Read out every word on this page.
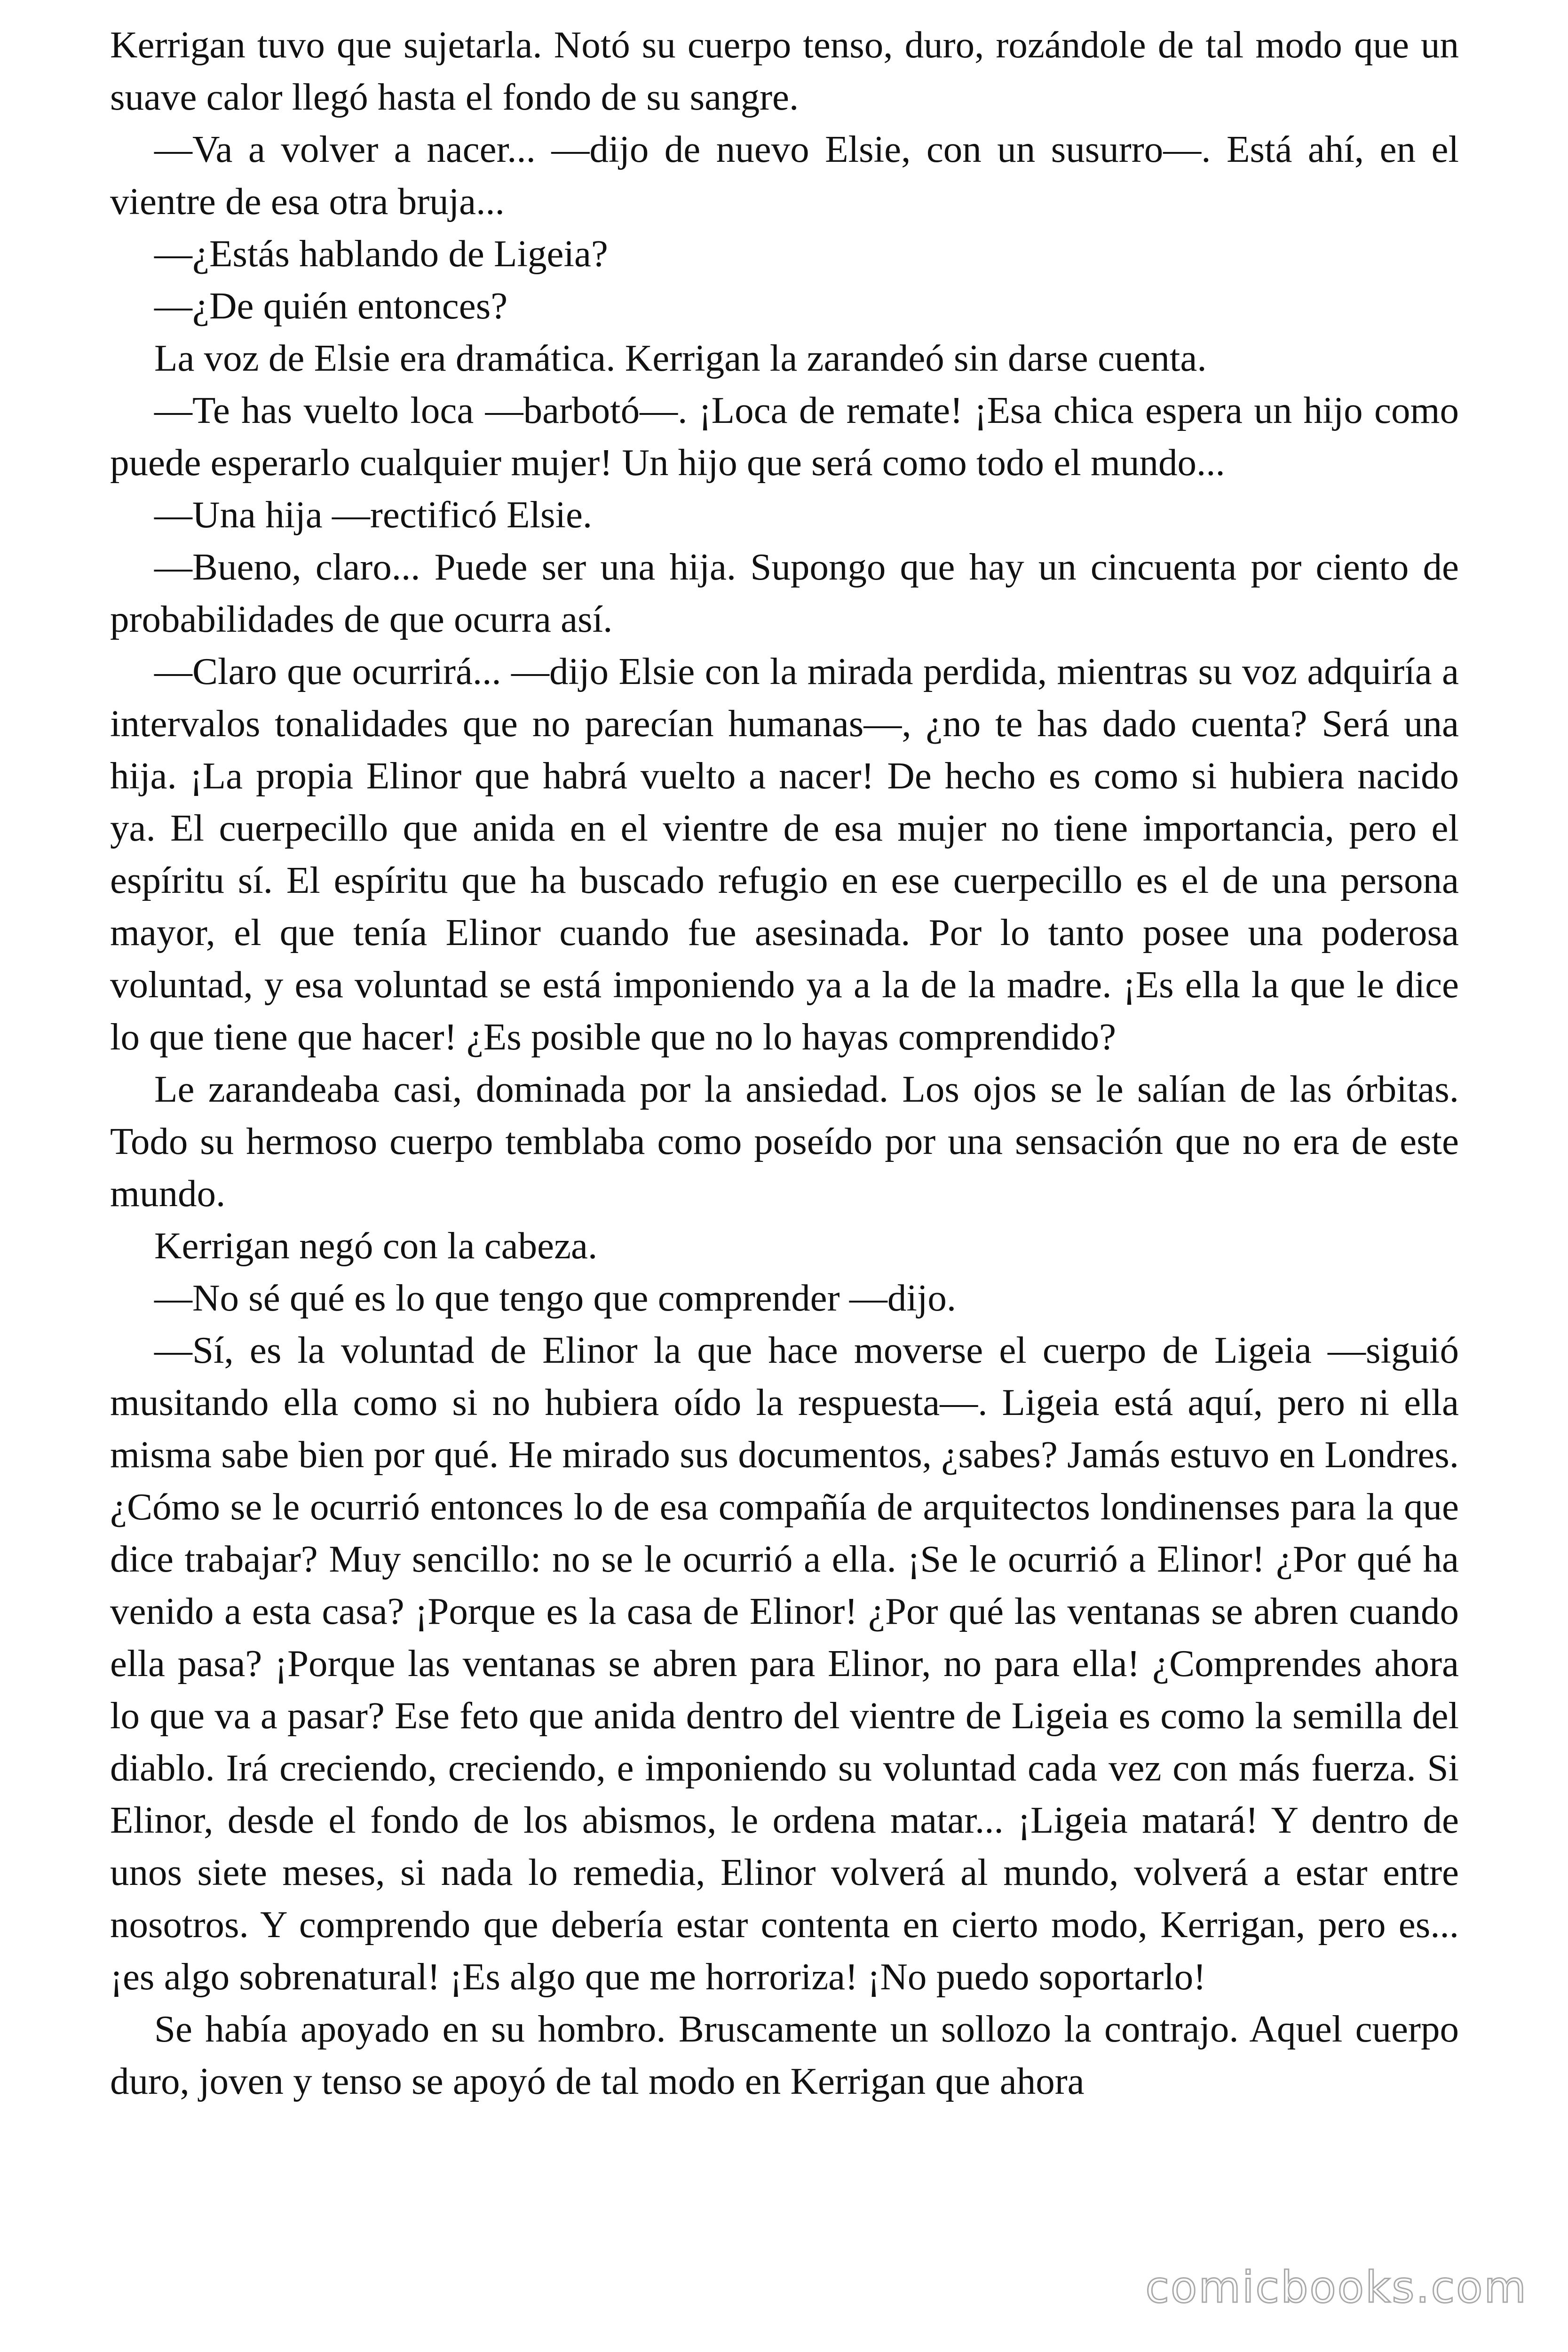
Kerrigan tuvo que sujetarla. Notó su cuerpo tenso, duro, rozándole de tal modo que un suave calor llegó hasta el fondo de su sangre.

—Va a volver a nacer... —dijo de nuevo Elsie, con un susurro—. Está ahí, en el vientre de esa otra bruja...

—¿Estás hablando de Ligeia?

—¿De quién entonces?

La voz de Elsie era dramática. Kerrigan la zarandeó sin darse cuenta.

—Te has vuelto loca —barbotó—. ¡Loca de remate! ¡Esa chica espera un hijo como puede esperarlo cualquier mujer! Un hijo que será como todo el mundo...

—Una hija —rectificó Elsie.

—Bueno, claro... Puede ser una hija. Supongo que hay un cincuenta por ciento de probabilidades de que ocurra así.

—Claro que ocurrirá... —dijo Elsie con la mirada perdida, mientras su voz adquiría a intervalos tonalidades que no parecían humanas—, ¿no te has dado cuenta? Será una hija. ¡La propia Elinor que habrá vuelto a nacer! De hecho es como si hubiera nacido ya. El cuerpecillo que anida en el vientre de esa mujer no tiene importancia, pero el espíritu sí. El espíritu que ha buscado refugio en ese cuerpecillo es el de una persona mayor, el que tenía Elinor cuando fue asesinada. Por lo tanto posee una poderosa voluntad, y esa voluntad se está imponiendo ya a la de la madre. ¡Es ella la que le dice lo que tiene que hacer! ¿Es posible que no lo hayas comprendido?

Le zarandeaba casi, dominada por la ansiedad. Los ojos se le salían de las órbitas. Todo su hermoso cuerpo temblaba como poseído por una sensación que no era de este mundo.

Kerrigan negó con la cabeza.

—No sé qué es lo que tengo que comprender —dijo.

—Sí, es la voluntad de Elinor la que hace moverse el cuerpo de Ligeia —siguió musitando ella como si no hubiera oído la respuesta—. Ligeia está aquí, pero ni ella misma sabe bien por qué. He mirado sus documentos, ¿sabes? Jamás estuvo en Londres. ¿Cómo se le ocurrió entonces lo de esa compañía de arquitectos londinenses para la que dice trabajar? Muy sencillo: no se le ocurrió a ella. ¡Se le ocurrió a Elinor! ¿Por qué ha venido a esta casa? ¡Porque es la casa de Elinor! ¿Por qué las ventanas se abren cuando ella pasa? ¡Porque las ventanas se abren para Elinor, no para ella! ¿Comprendes ahora lo que va a pasar? Ese feto que anida dentro del vientre de Ligeia es como la semilla del diablo. Irá creciendo, creciendo, e imponiendo su voluntad cada vez con más fuerza. Si Elinor, desde el fondo de los abismos, le ordena matar... ¡Ligeia matará! Y dentro de unos siete meses, si nada lo remedia, Elinor volverá al mundo, volverá a estar entre nosotros. Y comprendo que debería estar contenta en cierto modo, Kerrigan, pero es... ¡es algo sobrenatural! ¡Es algo que me horroriza! ¡No puedo soportarlo!

Se había apoyado en su hombro. Bruscamente un sollozo la contrajo. Aquel cuerpo duro, joven y tenso se apoyó de tal modo en Kerrigan que ahora

comicbooks.com
